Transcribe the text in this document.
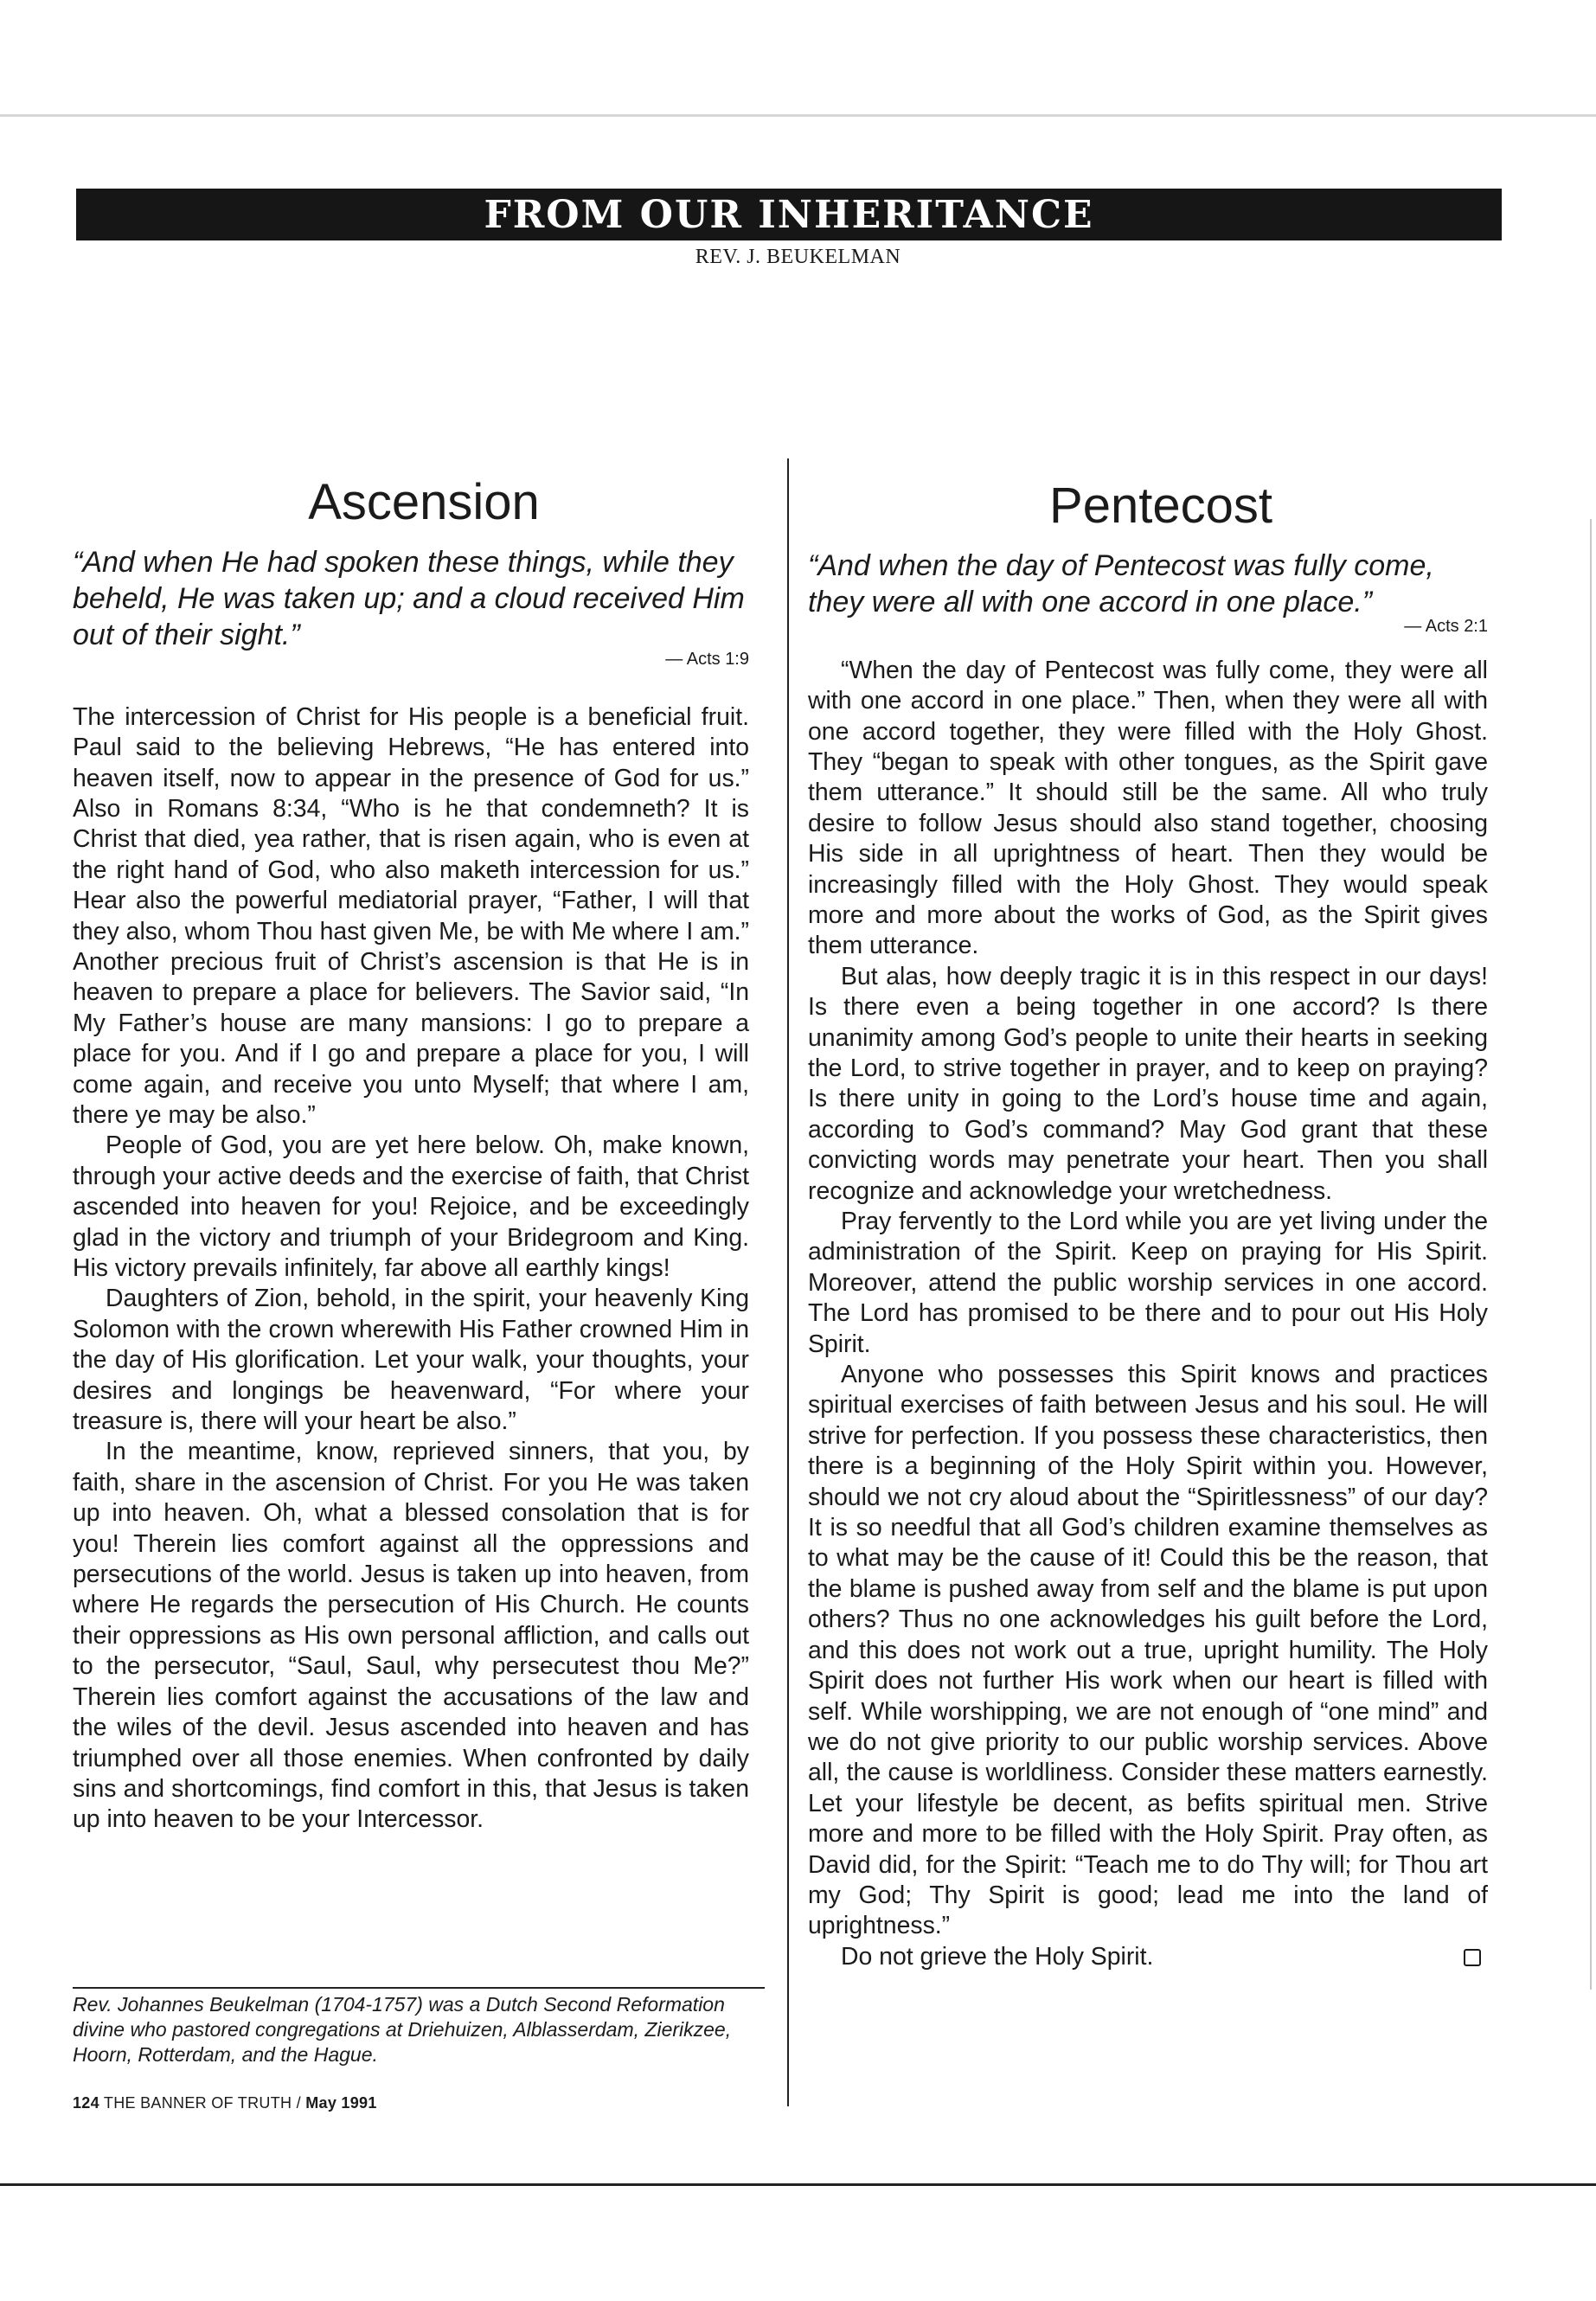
FROM OUR INHERITANCE
REV. J. BEUKELMAN
Ascension
“And when He had spoken these things, while they beheld, He was taken up; and a cloud received Him out of their sight.”
— Acts 1:9

The intercession of Christ for His people is a beneficial fruit. Paul said to the believing Hebrews, “He has entered into heaven itself, now to appear in the presence of God for us.” Also in Romans 8:34, “Who is he that condemneth? It is Christ that died, yea rather, that is risen again, who is even at the right hand of God, who also maketh intercession for us.” Hear also the powerful mediatorial prayer, “Father, I will that they also, whom Thou hast given Me, be with Me where I am.” Another precious fruit of Christ’s ascension is that He is in heaven to prepare a place for believers. The Savior said, “In My Father’s house are many mansions: I go to prepare a place for you. And if I go and prepare a place for you, I will come again, and receive you unto Myself; that where I am, there ye may be also.”

People of God, you are yet here below. Oh, make known, through your active deeds and the exercise of faith, that Christ ascended into heaven for you! Rejoice, and be exceedingly glad in the victory and triumph of your Bridegroom and King. His victory prevails infinitely, far above all earthly kings!

Daughters of Zion, behold, in the spirit, your heavenly King Solomon with the crown wherewith His Father crowned Him in the day of His glorification. Let your walk, your thoughts, your desires and longings be heavenward, “For where your treasure is, there will your heart be also.”

In the meantime, know, reprieved sinners, that you, by faith, share in the ascension of Christ. For you He was taken up into heaven. Oh, what a blessed consolation that is for you! Therein lies comfort against all the oppressions and persecutions of the world. Jesus is taken up into heaven, from where He regards the persecution of His Church. He counts their oppressions as His own personal affliction, and calls out to the persecutor, “Saul, Saul, why persecutest thou Me?” Therein lies comfort against the accusations of the law and the wiles of the devil. Jesus ascended into heaven and has triumphed over all those enemies. When confronted by daily sins and shortcomings, find comfort in this, that Jesus is taken up into heaven to be your Intercessor.

Pentecost
“And when the day of Pentecost was fully come, they were all with one accord in one place.”
— Acts 2:1

“When the day of Pentecost was fully come, they were all with one accord in one place.” Then, when they were all with one accord together, they were filled with the Holy Ghost. They “began to speak with other tongues, as the Spirit gave them utterance.” It should still be the same. All who truly desire to follow Jesus should also stand together, choosing His side in all uprightness of heart. Then they would be increasingly filled with the Holy Ghost. They would speak more and more about the works of God, as the Spirit gives them utterance.

But alas, how deeply tragic it is in this respect in our days! Is there even a being together in one accord? Is there unanimity among God’s people to unite their hearts in seeking the Lord, to strive together in prayer, and to keep on praying? Is there unity in going to the Lord’s house time and again, according to God’s command? May God grant that these convicting words may penetrate your heart. Then you shall recognize and acknowledge your wretchedness.

Pray fervently to the Lord while you are yet living under the administration of the Spirit. Keep on praying for His Spirit. Moreover, attend the public worship services in one accord. The Lord has promised to be there and to pour out His Holy Spirit.

Anyone who possesses this Spirit knows and practices spiritual exercises of faith between Jesus and his soul. He will strive for perfection. If you possess these characteristics, then there is a beginning of the Holy Spirit within you. However, should we not cry aloud about the “Spiritlessness” of our day? It is so needful that all God’s children examine themselves as to what may be the cause of it! Could this be the reason, that the blame is pushed away from self and the blame is put upon others? Thus no one acknowledges his guilt before the Lord, and this does not work out a true, upright humility. The Holy Spirit does not further His work when our heart is filled with self. While worshipping, we are not enough of “one mind” and we do not give priority to our public worship services. Above all, the cause is worldliness. Consider these matters earnestly. Let your lifestyle be decent, as befits spiritual men. Strive more and more to be filled with the Holy Spirit. Pray often, as David did, for the Spirit: “Teach me to do Thy will; for Thou art my God; Thy Spirit is good; lead me into the land of uprightness.”

Do not grieve the Holy Spirit.

Rev. Johannes Beukelman (1704-1757) was a Dutch Second Reformation divine who pastored congregations at Driehuizen, Alblasserdam, Zierikzee, Hoorn, Rotterdam, and the Hague.
124 THE BANNER OF TRUTH / May 1991
